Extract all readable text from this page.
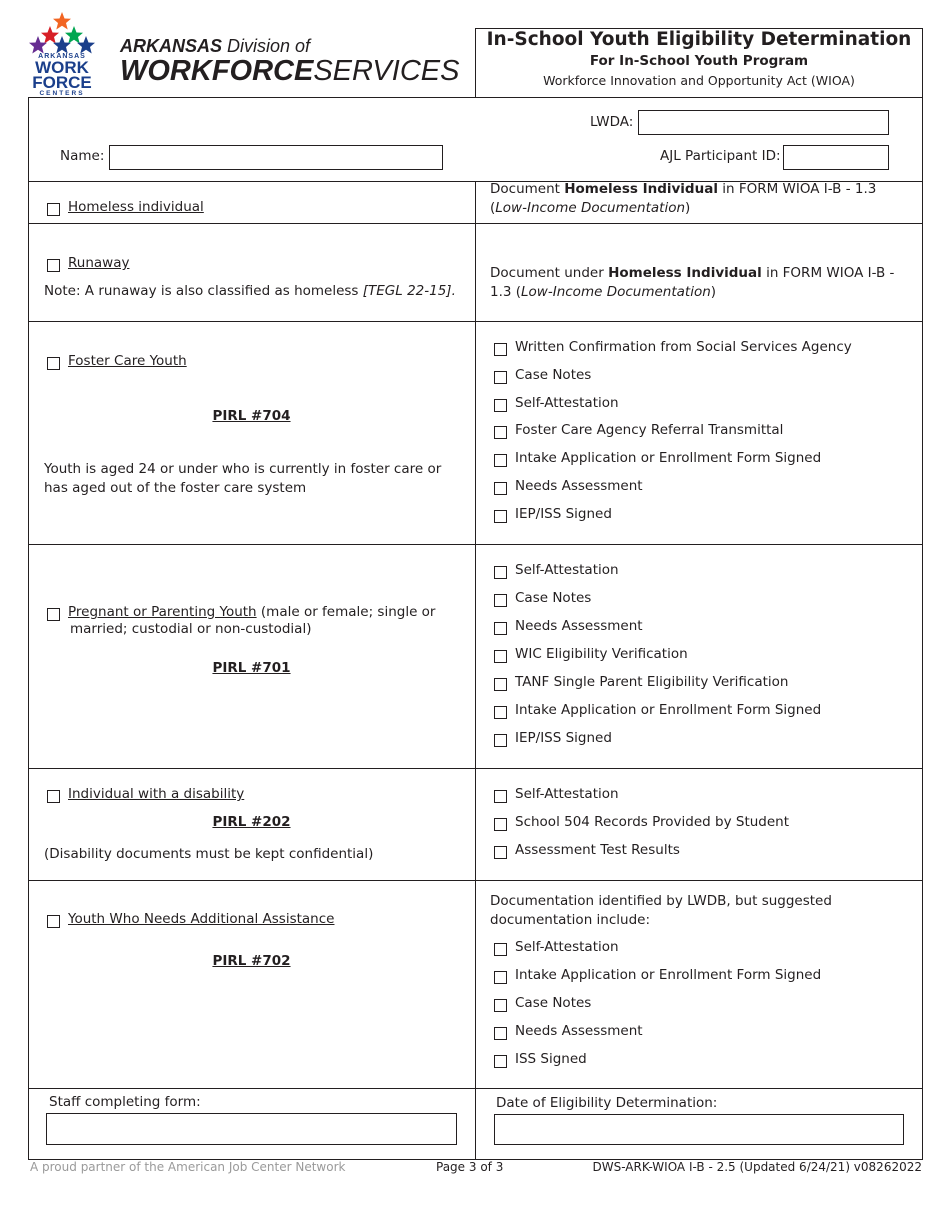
ARKANSAS
WORK
FORCE
CENTERS
ARKANSAS Division of
WORKFORCESERVICES
In-School Youth Eligibility Determination
For In-School Youth Program
Workforce Innovation and Opportunity Act (WIOA)
LWDA:
Name:	AJL Participant ID:
Homeless individual
Document Homeless Individual in FORM WIOA I-B - 1.3 (Low-Income Documentation)
Runaway
Note: A runaway is also classified as homeless [TEGL 22-15].
Document under Homeless Individual in FORM WIOA I-B - 1.3 (Low-Income Documentation)
Foster Care Youth
PIRL #704
Youth is aged 24 or under who is currently in foster care or has aged out of the foster care system
Written Confirmation from Social Services Agency
Case Notes
Self-Attestation
Foster Care Agency Referral Transmittal
Intake Application or Enrollment Form Signed
Needs Assessment
IEP/ISS Signed
Pregnant or Parenting Youth (male or female; single or
married; custodial or non-custodial)
PIRL #701
Self-Attestation
Case Notes
Needs Assessment
WIC Eligibility Verification
TANF Single Parent Eligibility Verification
Intake Application or Enrollment Form Signed
IEP/ISS Signed
Individual with a disability
PIRL #202
(Disability documents must be kept confidential)
Self-Attestation
School 504 Records Provided by Student
Assessment Test Results
Youth Who Needs Additional Assistance
PIRL #702
Documentation identified by LWDB, but suggested documentation include:
Self-Attestation
Intake Application or Enrollment Form Signed
Case Notes
Needs Assessment
ISS Signed
Staff completing form:	Date of Eligibility Determination:
A proud partner of the American Job Center Network	Page 3 of 3	DWS-ARK-WIOA I-B - 2.5 (Updated 6/24/21) v08262022
